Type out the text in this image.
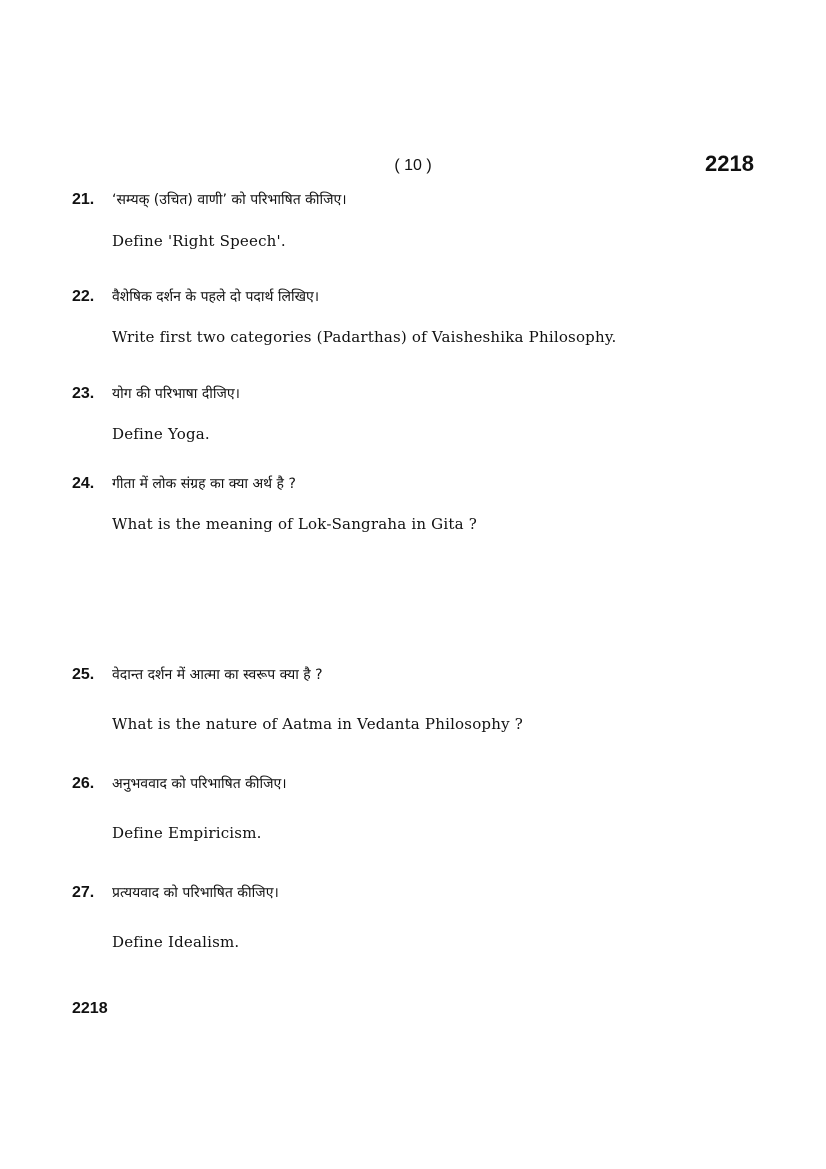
( 10 )	2218
21. ‘सम्यक् (उचित) वाणी’ को परिभाषित कीजिए।
Define 'Right Speech'.
22. वैशेषिक दर्शन के पहले दो पदार्थ लिखिए।
Write first two categories (Padarthas) of Vaisheshika Philosophy.
23. योग की परिभाषा दीजिए।
Define Yoga.
24. गीता में लोक संग्रह का क्या अर्थ है ?
What is the meaning of Lok-Sangraha in Gita ?
25. वेदान्त दर्शन में आत्मा का स्वरूप क्या है ?
What is the nature of Aatma in Vedanta Philosophy ?
26. अनुभववाद को परिभाषित कीजिए।
Define Empiricism.
27. प्रत्ययवाद को परिभाषित कीजिए।
Define Idealism.
2218
